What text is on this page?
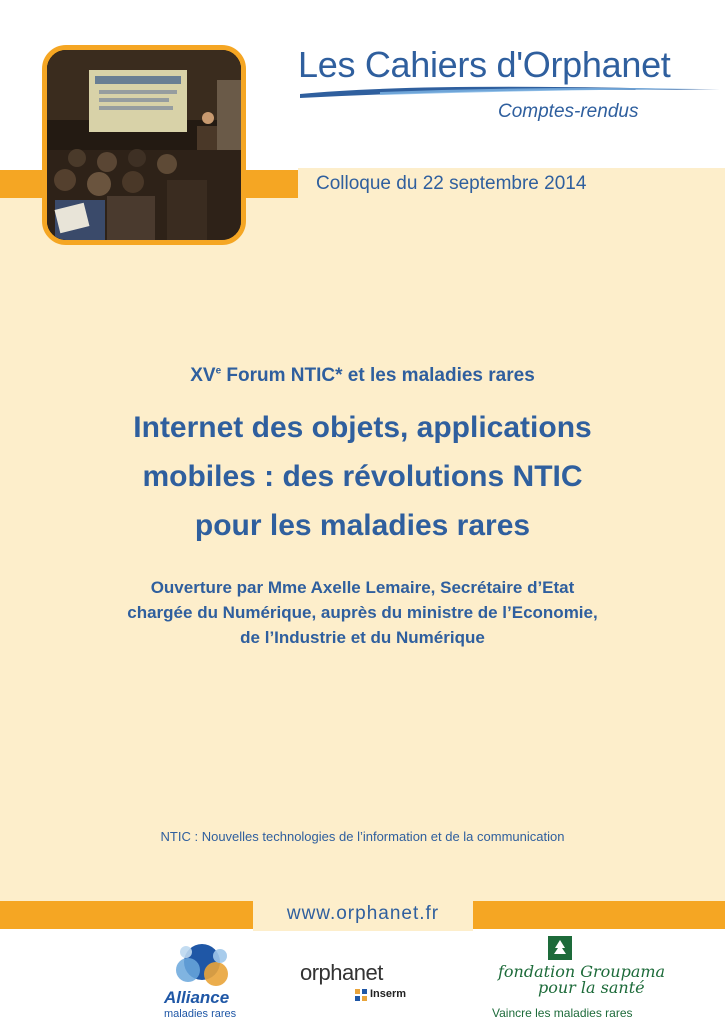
Les Cahiers d'Orphanet
Comptes-rendus
Colloque du 22 septembre 2014
XVe Forum NTIC* et les maladies rares
Internet des objets, applications
mobiles : des révolutions NTIC
pour les maladies rares
Ouverture par Mme Axelle Lemaire, Secrétaire d’Etat
chargée du Numérique, auprès du ministre de l’Economie,
de l’Industrie et du Numérique
NTIC : Nouvelles technologies de l’information et de la communication
www.orphanet.fr
Alliance
maladies rares
orphanet
Inserm
fondation Groupama
pour la santé
Vaincre les maladies rares
